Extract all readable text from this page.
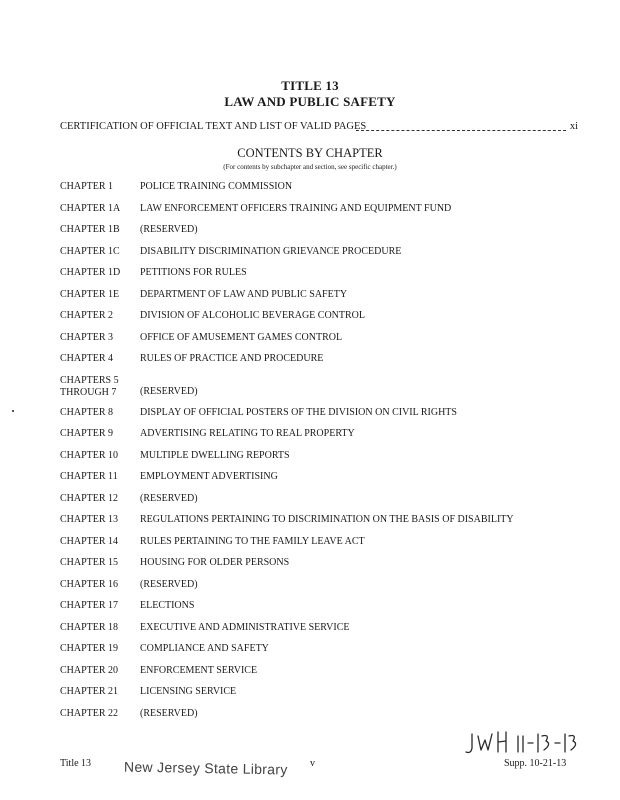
TITLE 13
LAW AND PUBLIC SAFETY
CERTIFICATION OF OFFICIAL TEXT AND LIST OF VALID PAGES	xi
CONTENTS BY CHAPTER
(For contents by subchapter and section, see specific chapter.)
CHAPTER 1	POLICE TRAINING COMMISSION
CHAPTER 1A	LAW ENFORCEMENT OFFICERS TRAINING AND EQUIPMENT FUND
CHAPTER 1B	(RESERVED)
CHAPTER 1C	DISABILITY DISCRIMINATION GRIEVANCE PROCEDURE
CHAPTER 1D	PETITIONS FOR RULES
CHAPTER 1E	DEPARTMENT OF LAW AND PUBLIC SAFETY
CHAPTER 2	DIVISION OF ALCOHOLIC BEVERAGE CONTROL
CHAPTER 3	OFFICE OF AMUSEMENT GAMES CONTROL
CHAPTER 4	RULES OF PRACTICE AND PROCEDURE
CHAPTERS 5
THROUGH 7	(RESERVED)
CHAPTER 8	DISPLAY OF OFFICIAL POSTERS OF THE DIVISION ON CIVIL RIGHTS
CHAPTER 9	ADVERTISING RELATING TO REAL PROPERTY
CHAPTER 10	MULTIPLE DWELLING REPORTS
CHAPTER 11	EMPLOYMENT ADVERTISING
CHAPTER 12	(RESERVED)
CHAPTER 13	REGULATIONS PERTAINING TO DISCRIMINATION ON THE BASIS OF DISABILITY
CHAPTER 14	RULES PERTAINING TO THE FAMILY LEAVE ACT
CHAPTER 15	HOUSING FOR OLDER PERSONS
CHAPTER 16	(RESERVED)
CHAPTER 17	ELECTIONS
CHAPTER 18	EXECUTIVE AND ADMINISTRATIVE SERVICE
CHAPTER 19	COMPLIANCE AND SAFETY
CHAPTER 20	ENFORCEMENT SERVICE
CHAPTER 21	LICENSING SERVICE
CHAPTER 22	(RESERVED)
Title 13	v	Supp. 10-21-13
New Jersey State Library
